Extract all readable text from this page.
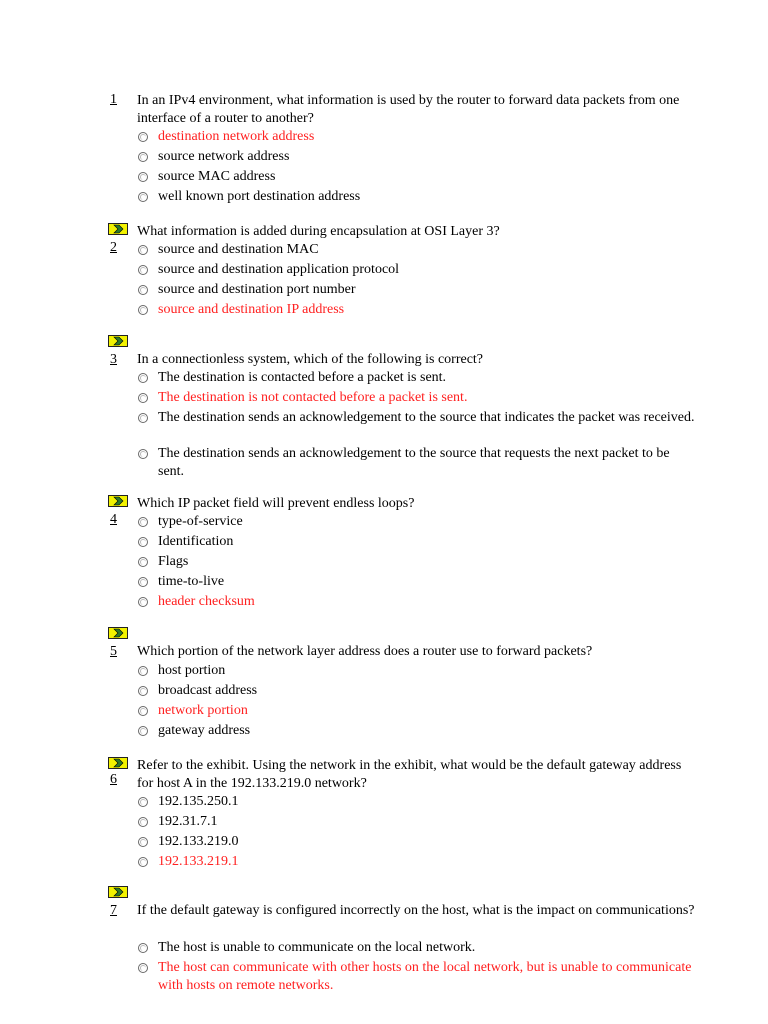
1 In an IPv4 environment, what information is used by the router to forward data packets from one interface of a router to another?
destination network address
source network address
source MAC address
well known port destination address
2
What information is added during encapsulation at OSI Layer 3?
source and destination MAC
source and destination application protocol
source and destination port number
source and destination IP address
3 In a connectionless system, which of the following is correct?
The destination is contacted before a packet is sent.
The destination is not contacted before a packet is sent.
The destination sends an acknowledgement to the source that indicates the packet was received.
The destination sends an acknowledgement to the source that requests the next packet to be sent.
4
Which IP packet field will prevent endless loops?
type-of-service
Identification
Flags
time-to-live
header checksum
5 Which portion of the network layer address does a router use to forward packets?
host portion
broadcast address
network portion
gateway address
6
Refer to the exhibit. Using the network in the exhibit, what would be the default gateway address for host A in the 192.133.219.0 network?
192.135.250.1
192.31.7.1
192.133.219.0
192.133.219.1
7 If the default gateway is configured incorrectly on the host, what is the impact on communications?
The host is unable to communicate on the local network.
The host can communicate with other hosts on the local network, but is unable to communicate with hosts on remote networks.
